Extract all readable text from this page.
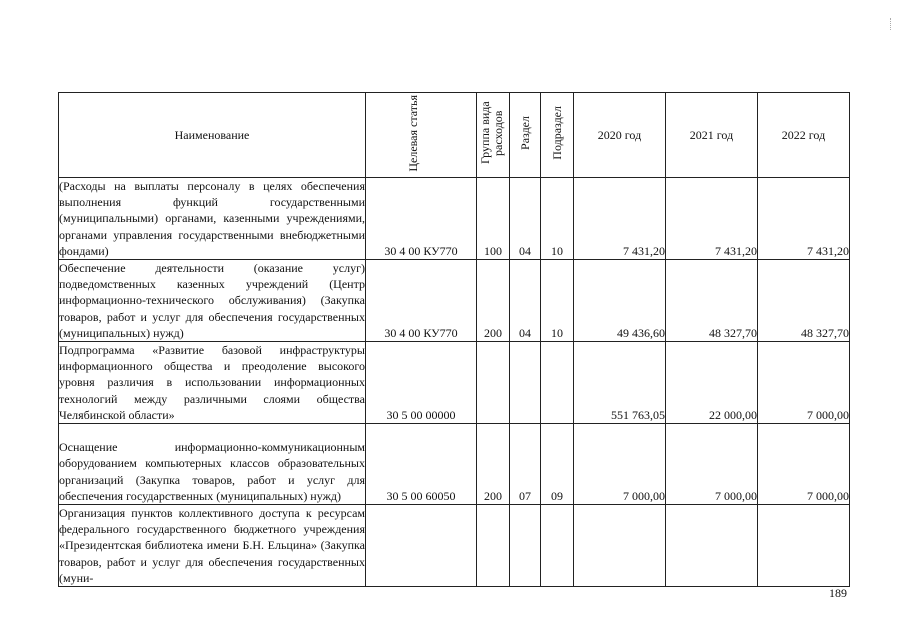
Наименование	Целевая статья	Группа вида расходов	Раздел	Подраздел	2020 год	2021 год	2022 год
(Расходы на выплаты персоналу в целях обеспечения выполнения функций государственными (муниципальными) органами, казенными учреждениями, органами управления государственными внебюджетными фондами)	30 4 00 КУ770	100	04	10	7 431,20	7 431,20	7 431,20
Обеспечение деятельности (оказание услуг) подведомственных казенных учреждений (Центр информационно-технического обслуживания) (Закупка товаров, работ и услуг для обеспечения государственных (муниципальных) нужд)	30 4 00 КУ770	200	04	10	49 436,60	48 327,70	48 327,70
Подпрограмма «Развитие базовой инфраструктуры информационного общества и преодоление высокого уровня различия в использовании информационных технологий между различными слоями общества Челябинской области»	30 5 00 00000				551 763,05	22 000,00	7 000,00
Оснащение информационно-коммуникационным оборудованием компьютерных классов образовательных организаций (Закупка товаров, работ и услуг для обеспечения государственных (муниципальных) нужд)	30 5 00 60050	200	07	09	7 000,00	7 000,00	7 000,00
Организация пунктов коллективного доступа к ресурсам федерального государственного бюджетного учреждения «Президентская библиотека имени Б.Н. Ельцина» (Закупка товаров, работ и услуг для обеспечения государственных (муни-							
189
